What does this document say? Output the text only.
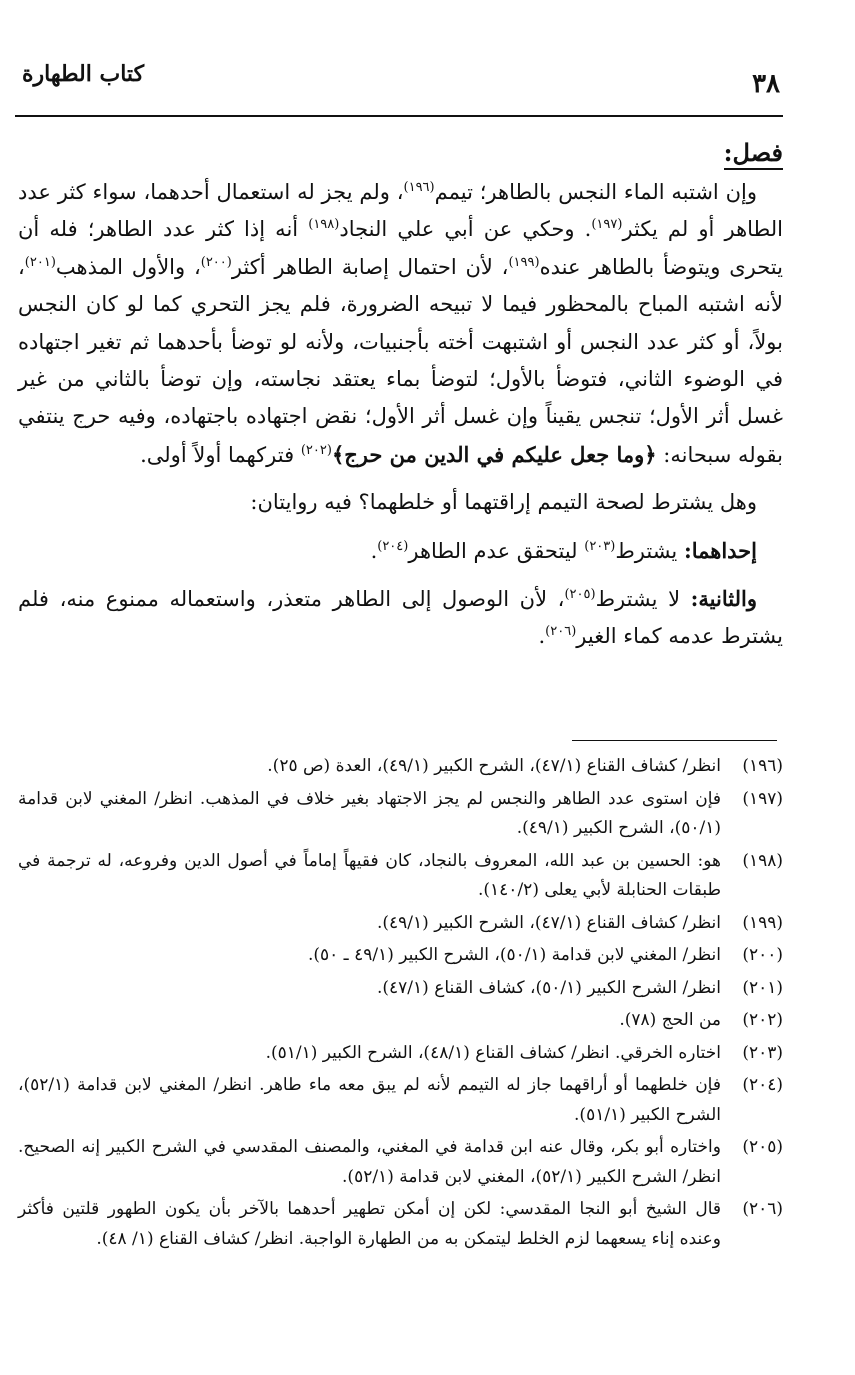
٣٨
كتاب الطهارة
فصل:

وإن اشتبه الماء النجس بالطاهر؛ تيمم$^{(١٩٦)}$، ولم يجز له استعمال أحدهما، سواء كثر عدد الطاهر أو لم يكثر$^{(١٩٧)}$. وحكي عن أبي علي النجاد$^{(١٩٨)}$ أنه إذا كثر عدد الطاهر؛ فله أن يتحرى ويتوضأ بالطاهر عنده$^{(١٩٩)}$، لأن احتمال إصابة الطاهر أكثر$^{(٢٠٠)}$، والأول المذهب$^{(٢٠١)}$، لأنه اشتبه المباح بالمحظور فيما لا تبيحه الضرورة، فلم يجز التحري كما لو كان النجس بولاً، أو كثر عدد النجس أو اشتبهت أخته بأجنبيات، ولأنه لو توضأ بأحدهما ثم تغير اجتهاده في الوضوء الثاني، فتوضأ بالأول؛ لتوضأ بماء يعتقد نجاسته، وإن توضأ بالثاني من غير غسل أثر الأول؛ تنجس يقيناً وإن غسل أثر الأول؛ نقض اجتهاده باجتهاده، وفيه حرج ينتفي بقوله سبحانه: ﴿وما جعل عليكم في الدين من حرج﴾$^{(٢٠٢)}$ فتركهما أولاً أولى.

وهل يشترط لصحة التيمم إراقتهما أو خلطهما؟ فيه روايتان:

إحداهما: يشترط$^{(٢٠٣)}$ ليتحقق عدم الطاهر$^{(٢٠٤)}$.

والثانية: لا يشترط$^{(٢٠٥)}$، لأن الوصول إلى الطاهر متعذر، واستعماله ممنوع منه، فلم يشترط عدمه كماء الغير$^{(٢٠٦)}$.

(١٩٦)
انظر/ كشاف القناع (٤٧/١)، الشرح الكبير (٤٩/١)، العدة (ص ٢٥).
(١٩٧)
فإن استوى عدد الطاهر والنجس لم يجز الاجتهاد بغير خلاف في المذهب. انظر/ المغني لابن قدامة (٥٠/١)، الشرح الكبير (٤٩/١).
(١٩٨)
هو: الحسين بن عبد الله، المعروف بالنجاد، كان فقيهاً إماماً في أصول الدين وفروعه، له ترجمة في طبقات الحنابلة لأبي يعلى (١٤٠/٢).
(١٩٩)
انظر/ كشاف القناع (٤٧/١)، الشرح الكبير (٤٩/١).
(٢٠٠)
انظر/ المغني لابن قدامة (٥٠/١)، الشرح الكبير (٤٩/١ ـ ٥٠).
(٢٠١)
انظر/ الشرح الكبير (٥٠/١)، كشاف القناع (٤٧/١).
(٢٠٢)
من الحج (٧٨).
(٢٠٣)
اختاره الخرقي. انظر/ كشاف القناع (٤٨/١)، الشرح الكبير (٥١/١).
(٢٠٤)
فإن خلطهما أو أراقهما جاز له التيمم لأنه لم يبق معه ماء طاهر. انظر/ المغني لابن قدامة (٥٢/١)، الشرح الكبير (٥١/١).
(٢٠٥)
واختاره أبو بكر، وقال عنه ابن قدامة في المغني، والمصنف المقدسي في الشرح الكبير إنه الصحيح. انظر/ الشرح الكبير (٥٢/١)، المغني لابن قدامة (٥٢/١).
(٢٠٦)
قال الشيخ أبو النجا المقدسي: لكن إن أمكن تطهير أحدهما بالآخر بأن يكون الطهور قلتين فأكثر وعنده إناء يسعهما لزم الخلط ليتمكن به من الطهارة الواجبة. انظر/ كشاف القناع (١/ ٤٨).
